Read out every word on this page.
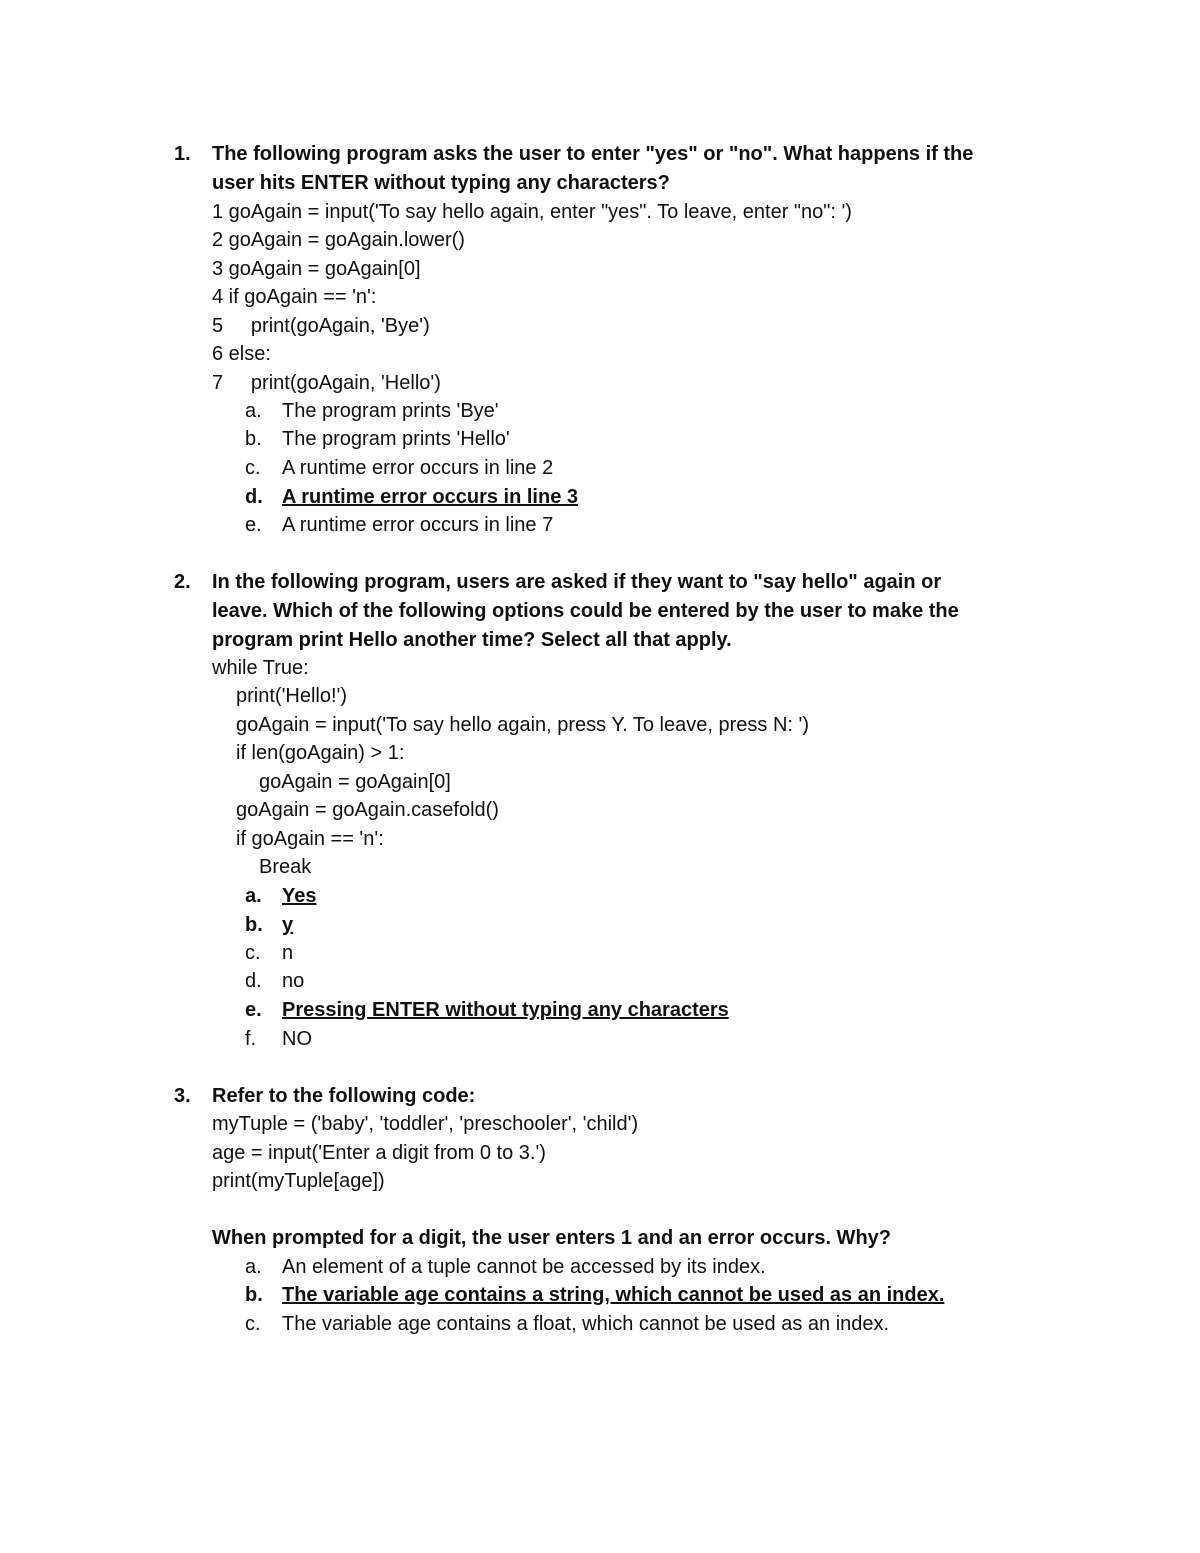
1. The following program asks the user to enter "yes" or "no". What happens if the
user hits ENTER without typing any characters?
1 goAgain = input('To say hello again, enter "yes". To leave, enter "no": ')
2 goAgain = goAgain.lower()
3 goAgain = goAgain[0]
4 if goAgain == 'n':
5     print(goAgain, 'Bye')
6 else:
7     print(goAgain, 'Hello')
a. The program prints 'Bye'
b. The program prints 'Hello'
c. A runtime error occurs in line 2
d. A runtime error occurs in line 3
e. A runtime error occurs in line 7
2. In the following program, users are asked if they want to "say hello" again or
leave. Which of the following options could be entered by the user to make the
program print Hello another time? Select all that apply.
while True:
print('Hello!')
goAgain = input('To say hello again, press Y. To leave, press N: ')
if len(goAgain) > 1:
goAgain = goAgain[0]
goAgain = goAgain.casefold()
if goAgain == 'n':
Break
a. Yes
b. y
c. n
d. no
e. Pressing ENTER without typing any characters
f. NO
3. Refer to the following code:
myTuple = ('baby', 'toddler', 'preschooler', 'child')
age = input('Enter a digit from 0 to 3.')
print(myTuple[age])
When prompted for a digit, the user enters 1 and an error occurs. Why?
a. An element of a tuple cannot be accessed by its index.
b. The variable age contains a string, which cannot be used as an index.
c. The variable age contains a float, which cannot be used as an index.
